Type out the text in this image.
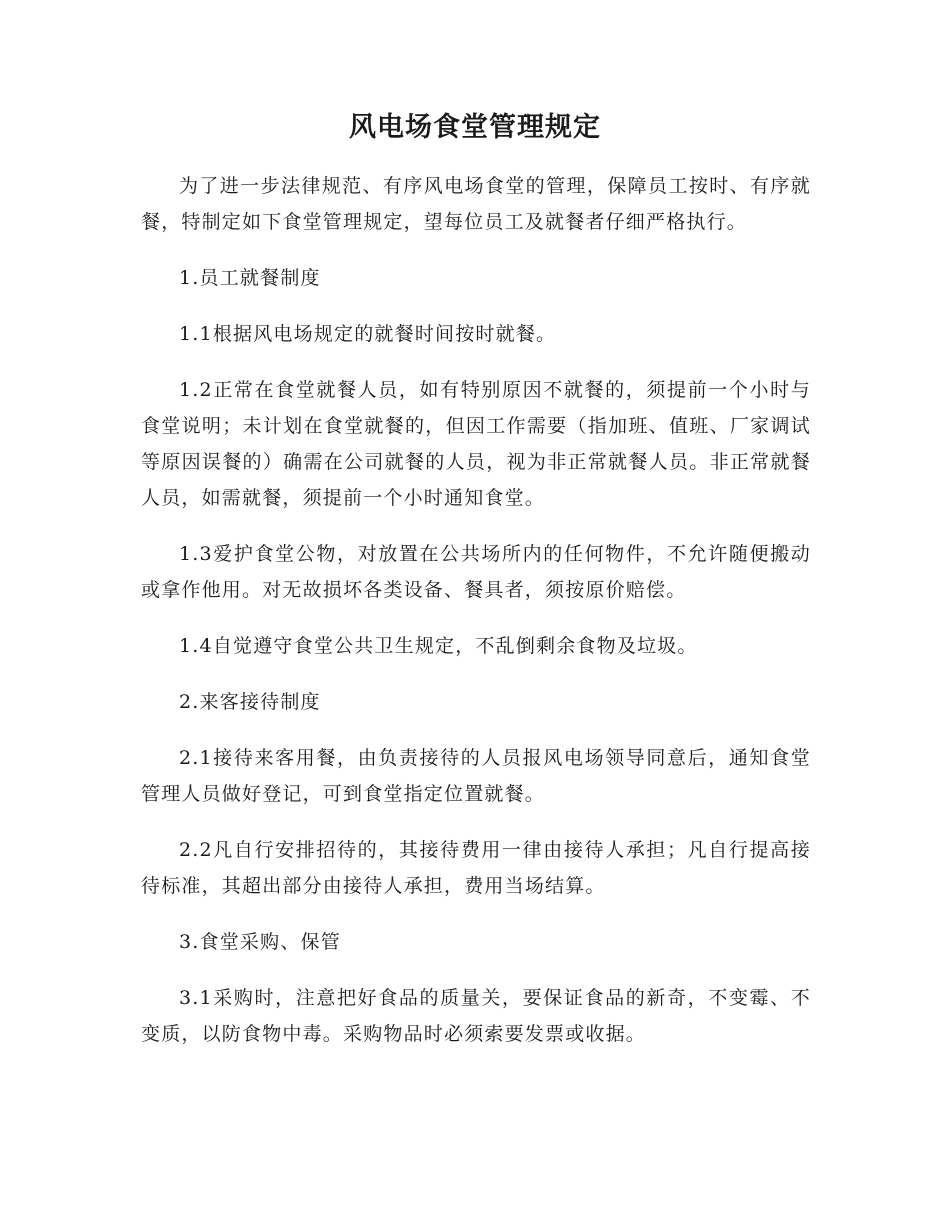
风电场食堂管理规定

为了进一步法律规范、有序风电场食堂的管理，保障员工按时、有序就餐，特制定如下食堂管理规定，望每位员工及就餐者仔细严格执行。

1.员工就餐制度

1.1根据风电场规定的就餐时间按时就餐。

1.2正常在食堂就餐人员，如有特别原因不就餐的，须提前一个小时与食堂说明；未计划在食堂就餐的，但因工作需要（指加班、值班、厂家调试等原因误餐的）确需在公司就餐的人员，视为非正常就餐人员。非正常就餐人员，如需就餐，须提前一个小时通知食堂。

1.3爱护食堂公物，对放置在公共场所内的任何物件，不允许随便搬动或拿作他用。对无故损坏各类设备、餐具者，须按原价赔偿。

1.4自觉遵守食堂公共卫生规定，不乱倒剩余食物及垃圾。

2.来客接待制度

2.1接待来客用餐，由负责接待的人员报风电场领导同意后，通知食堂管理人员做好登记，可到食堂指定位置就餐。

2.2凡自行安排招待的，其接待费用一律由接待人承担；凡自行提高接待标准，其超出部分由接待人承担，费用当场结算。

3.食堂采购、保管

3.1采购时，注意把好食品的质量关，要保证食品的新奇，不变霉、不变质，以防食物中毒。采购物品时必须索要发票或收据。
